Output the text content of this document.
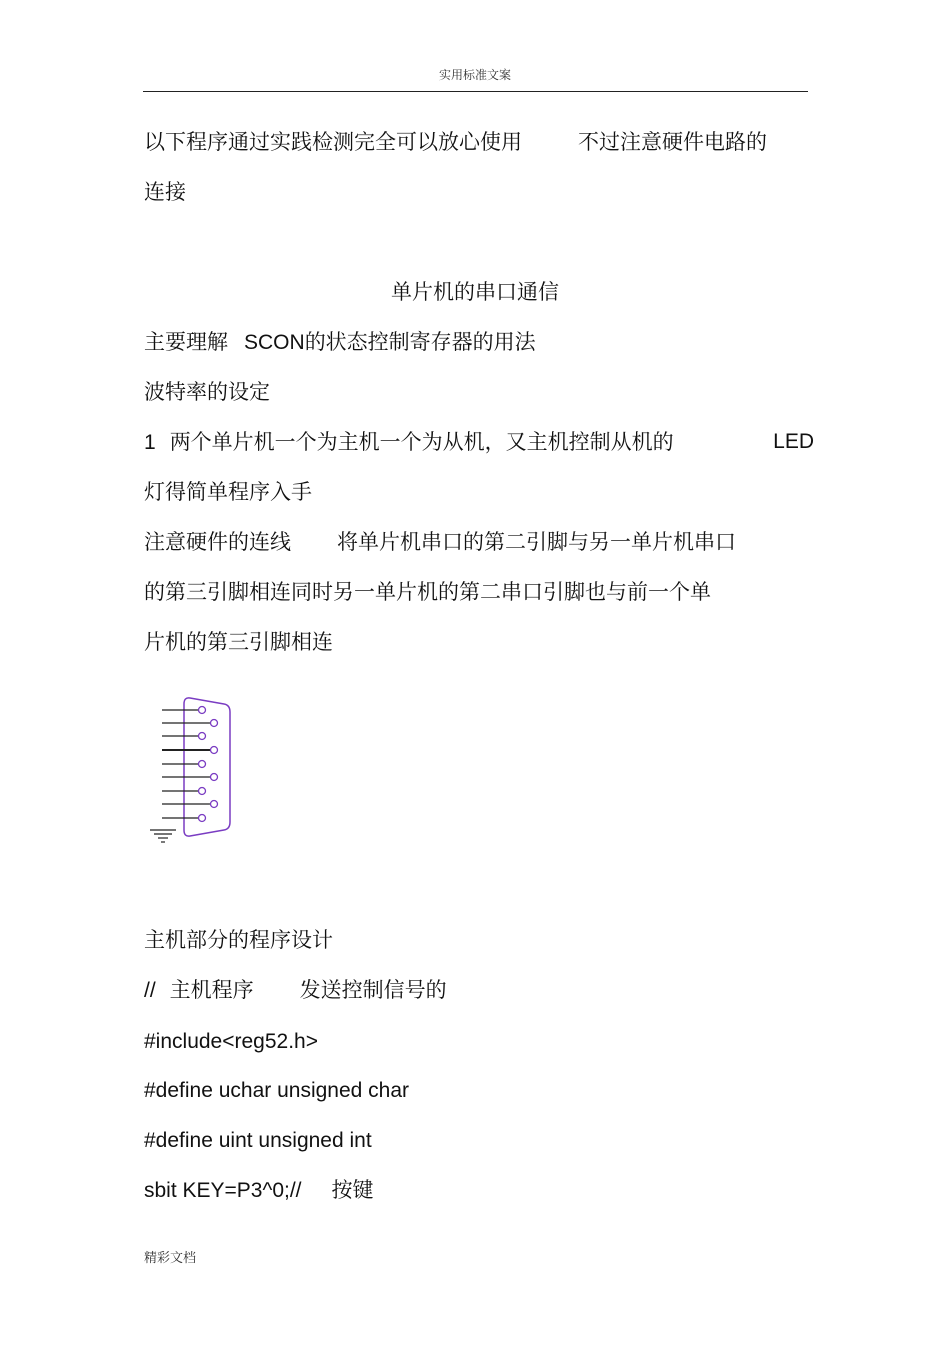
实用标准文案
以下程序通过实践检测完全可以放心使用	不过注意硬件电路的
连接
单片机的串口通信
主要理解 SCON的状态控制寄存器的用法
波特率的设定
1 两个单片机一个为主机一个为从机，又主机控制从机的	LED
灯得简单程序入手
注意硬件的连线 将单片机串口的第二引脚与另一单片机串口
的第三引脚相连同时另一单片机的第二串口引脚也与前一个单
片机的第三引脚相连
主机部分的程序设计
// 主机程序 发送控制信号的
#include<reg52.h>
#define uchar unsigned char
#define uint unsigned int
sbit KEY=P3^0;// 按键
精彩文档
